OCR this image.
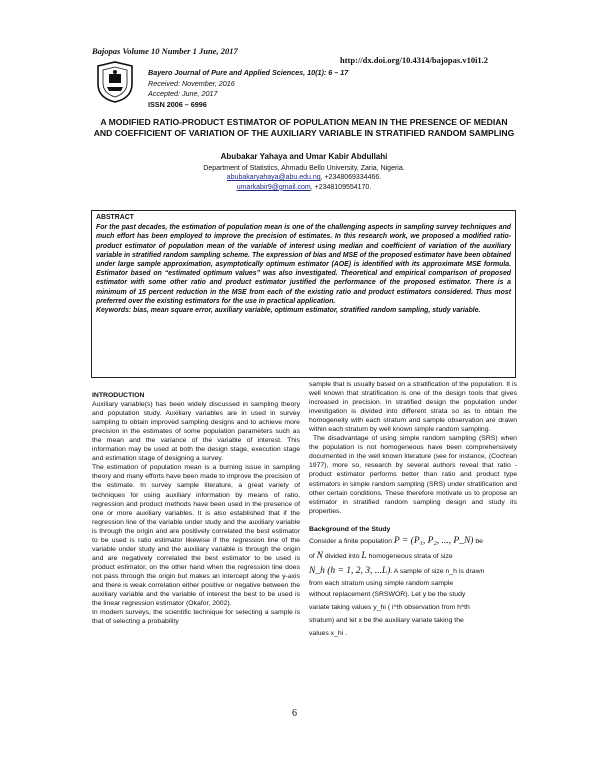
Bajopas Volume 10 Number 1 June, 2017
http://dx.doi.org/10.4314/bajopas.v10i1.2
Bayero Journal of Pure and Applied Sciences, 10(1): 6 – 17
Received: November, 2016
Accepted: June, 2017
ISSN 2006 – 6996
A MODIFIED RATIO-PRODUCT ESTIMATOR OF POPULATION MEAN IN THE PRESENCE OF MEDIAN AND COEFFICIENT OF VARIATION OF THE AUXILIARY VARIABLE IN STRATIFIED RANDOM SAMPLING
Abubakar Yahaya and Umar Kabir Abdullahi
Department of Statistics, Ahmadu Bello University, Zaria, Nigeria.
abubakaryahaya@abu.edu.ng, +2348069334466.
umarkabir9@gmail.com, +2348109554170.
ABSTRACT
For the past decades, the estimation of population mean is one of the challenging aspects in sampling survey techniques and much effort has been employed to improve the precision of estimates. In this research work, we proposed a modified ratio-product estimator of population mean of the variable of interest using median and coefficient of variation of the auxiliary variable in stratified random sampling scheme. The expression of bias and MSE of the proposed estimator have been obtained under large sample approximation, asymptotically optimum estimator (AOE) is identified with its approximate MSE formula. Estimator based on “estimated optimum values” was also investigated. Theoretical and empirical comparison of proposed estimator with some other ratio and product estimator justified the performance of the proposed estimator. There is a minimum of 15 percent reduction in the MSE from each of the existing ratio and product estimators considered. Thus most preferred over the existing estimators for the use in practical application.
Keywords: bias, mean square error, auxiliary variable, optimum estimator, stratified random sampling, study variable.

INTRODUCTION

Auxiliary variable(s) has been widely discussed in sampling theory and population study. Auxiliary variables are in used in survey sampling to obtain improved sampling designs and to achieve more precision in the estimates of some population parameters such as the mean and the variance of the variable of interest. This information may be used at both the design stage, execution stage and estimation stage of designing a survey.

The estimation of population mean is a burning issue in sampling theory and many efforts have been made to improve the precision of the estimate. In survey sample literature, a great variety of techniques for using auxiliary information by means of ratio, regression and product methods have been used in the presence of one or more auxiliary variables. It is also established that if the regression line of the variable under study and the auxiliary variable is through the origin and are positively correlated the best estimator to be used is ratio estimator likewise if the regression line of the variable under study and the auxiliary variable is through the origin and are negatively correlated the best estimator to be used is product estimator, on the other hand when the regression line does not pass through the origin but makes an intercept along the y-axis and there is weak correlation either positive or negative between the auxiliary variable and the variable of interest the best to be used is the linear regression estimator (Okafor, 2002).

In modern surveys, the scientific technique for selecting a sample is that of selecting a probability

sample that is usually based on a stratification of the population. It is well known that stratification is one of the design tools that gives increased in precision. In stratified design the population under investigation is divided into different strata so as to obtain the homogeneity with each stratum and sample observation are drawn within each stratum by well known simple random sampling.

The disadvantage of using simple random sampling (SRS) when the population is not homogeneous have been comprehensively documented in the well known literature (see for instance, (Cochran 1977), more so, research by several authors reveal that ratio - product estimator performs better than ratio and product type estimators in simple random sampling (SRS) under stratification and other certain conditions. These therefore motivate us to propose an estimator in stratified random sampling design and study its properties.

Background of the Study

Consider a finite population P = (P₁, P₂, ..., P_N) be

of N divided into L homogeneous strata of size

N_h (h = 1, 2, 3, ...L). A sample of size n_h is drawn

from each stratum using simple random sample

without replacement (SRSWOR). Let y be the study

variate taking values y_hi ( i^th observation from h^th

stratum) and let x be the auxiliary variate taking the

values x_hi .

6
